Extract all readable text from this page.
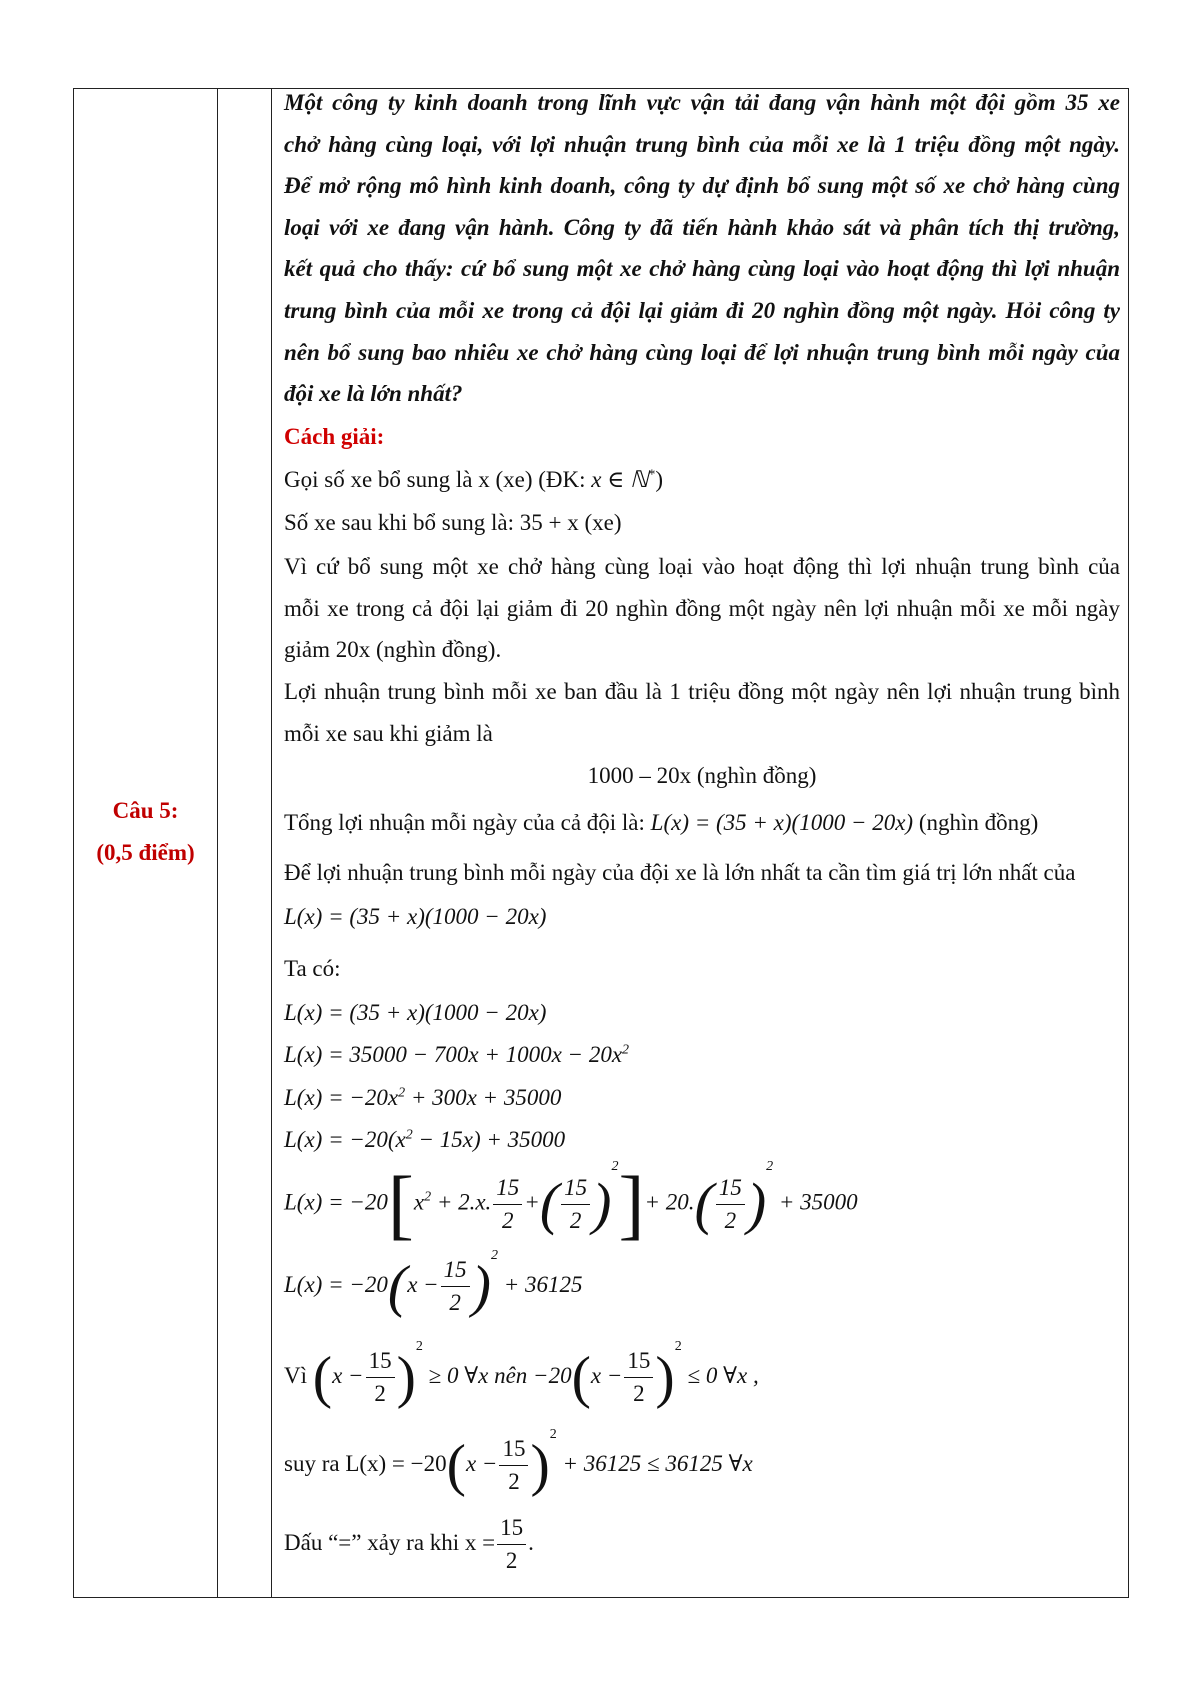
Câu 5:
(0,5 điểm)

Một công ty kinh doanh trong lĩnh vực vận tải đang vận hành một đội gồm 35 xe

chở hàng cùng loại, với lợi nhuận trung bình của mỗi xe là 1 triệu đồng một ngày.

Để mở rộng mô hình kinh doanh, công ty dự định bổ sung một số xe chở hàng cùng

loại với xe đang vận hành. Công ty đã tiến hành khảo sát và phân tích thị trường,

kết quả cho thấy: cứ bổ sung một xe chở hàng cùng loại vào hoạt động thì lợi nhuận

trung bình của mỗi xe trong cả đội lại giảm đi 20 nghìn đồng một ngày. Hỏi công ty

nên bổ sung bao nhiêu xe chở hàng cùng loại để lợi nhuận trung bình mỗi ngày của

đội xe là lớn nhất?

Cách giải:
Gọi số xe bổ sung là x (xe) (ĐK: x ∈ ℕ*)
Số xe sau khi bổ sung là: 35 + x (xe)

Vì cứ bổ sung một xe chở hàng cùng loại vào hoạt động thì lợi nhuận trung bình của

mỗi xe trong cả đội lại giảm đi 20 nghìn đồng một ngày nên lợi nhuận mỗi xe mỗi ngày

giảm 20x (nghìn đồng).

Lợi nhuận trung bình mỗi xe ban đầu là 1 triệu đồng một ngày nên lợi nhuận trung bình

mỗi xe sau khi giảm là

1000 – 20x (nghìn đồng)
Tổng lợi nhuận mỗi ngày của cả đội là: L(x) = (35 + x)(1000 − 20x) (nghìn đồng)
Để lợi nhuận trung bình mỗi ngày của đội xe là lớn nhất ta cần tìm giá trị lớn nhất của
L(x) = (35 + x)(1000 − 20x)
Ta có:
L(x) = (35 + x)(1000 − 20x)
$L(x) = 35000 - 700x + 1000x - 20x^2$
$L(x) = -20x^2 + 300x + 35000$
$L(x) = -20(x^2 - 15x) + 35000$
$L(x) = -20[x^2 + 2.x$. $\frac{15}{2}$ +( $\frac{15}{2} )^2]+ 20.( \frac{15}{2} )^2 + 35000$
$L(x) = -20(x - \frac{15}{2} )^2 + 36125$
Vì $(x - \frac{15}{2} )^2 \ge 0$ ∀x nên $-20(x - \frac{15}{2} )^2 \le 0$ ∀x ,
suy ra $L(x) = -20(x - \frac{15}{2} )^2 + 36125 \le 36125$ ∀x
Dấu “=” xảy ra khi $x = \frac{15}{2}$ .
